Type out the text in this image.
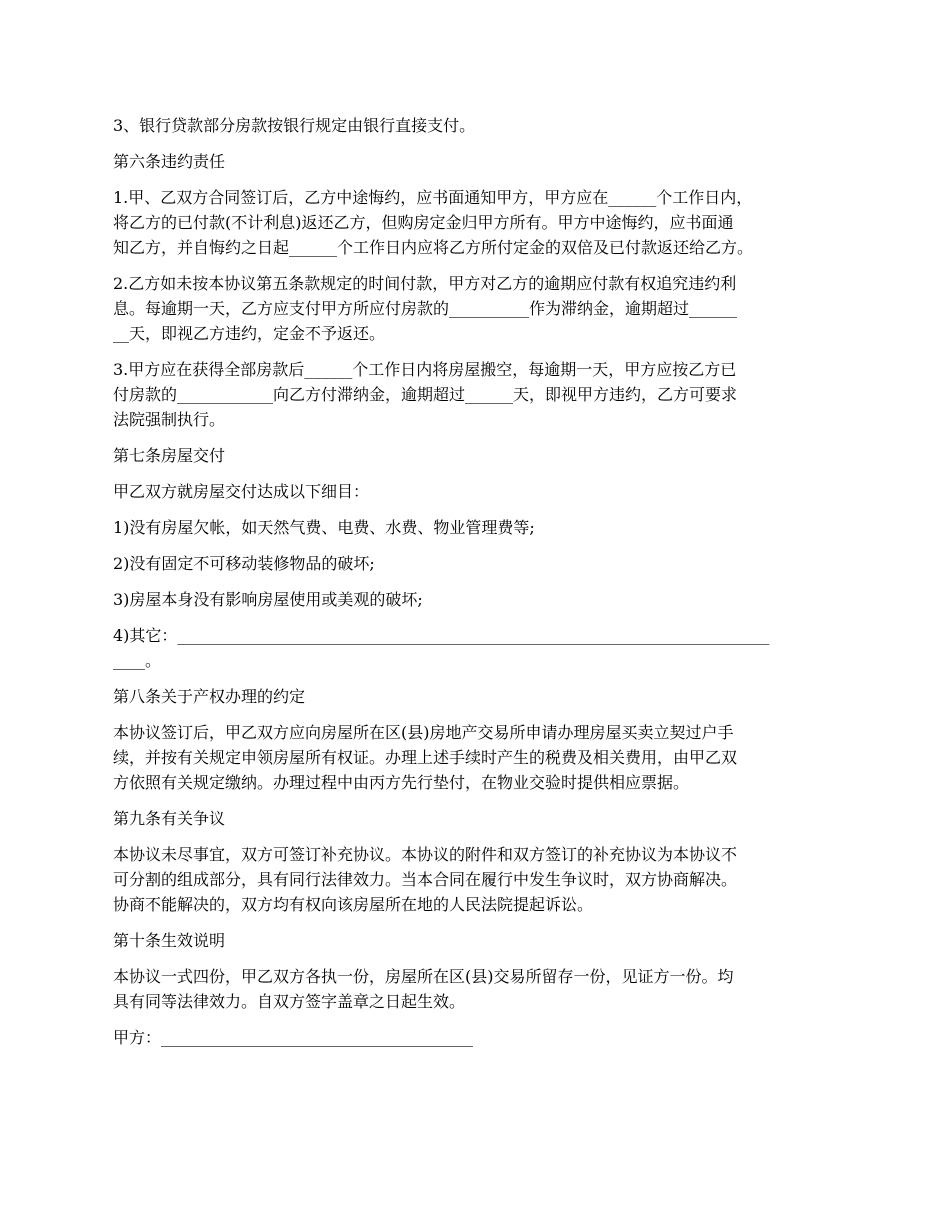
3、银行贷款部分房款按银行规定由银行直接支付。

第六条违约责任

1.甲、乙双方合同签订后，乙方中途悔约，应书面通知甲方，甲方应在______个工作日内，
将乙方的已付款(不计利息)返还乙方，但购房定金归甲方所有。甲方中途悔约，应书面通
知乙方，并自悔约之日起______个工作日内应将乙方所付定金的双倍及已付款返还给乙方。

2.乙方如未按本协议第五条款规定的时间付款，甲方对乙方的逾期应付款有权追究违约利
息。每逾期一天，乙方应支付甲方所应付房款的__________作为滞纳金，逾期超过______
__天，即视乙方违约，定金不予返还。

3.甲方应在获得全部房款后______个工作日内将房屋搬空，每逾期一天，甲方应按乙方已
付房款的____________向乙方付滞纳金，逾期超过______天，即视甲方违约，乙方可要求
法院强制执行。

第七条房屋交付

甲乙双方就房屋交付达成以下细目：

1)没有房屋欠帐，如天然气费、电费、水费、物业管理费等;

2)没有固定不可移动装修物品的破坏;

3)房屋本身没有影响房屋使用或美观的破坏;

4)其它：__________________________________________________________________________
____。

第八条关于产权办理的约定

本协议签订后，甲乙双方应向房屋所在区(县)房地产交易所申请办理房屋买卖立契过户手
续，并按有关规定申领房屋所有权证。办理上述手续时产生的税费及相关费用，由甲乙双
方依照有关规定缴纳。办理过程中由丙方先行垫付，在物业交验时提供相应票据。

第九条有关争议

本协议未尽事宜，双方可签订补充协议。本协议的附件和双方签订的补充协议为本协议不
可分割的组成部分，具有同行法律效力。当本合同在履行中发生争议时，双方协商解决。
协商不能解决的，双方均有权向该房屋所在地的人民法院提起诉讼。

第十条生效说明

本协议一式四份，甲乙双方各执一份，房屋所在区(县)交易所留存一份，见证方一份。均
具有同等法律效力。自双方签字盖章之日起生效。

甲方：_______________________________________
